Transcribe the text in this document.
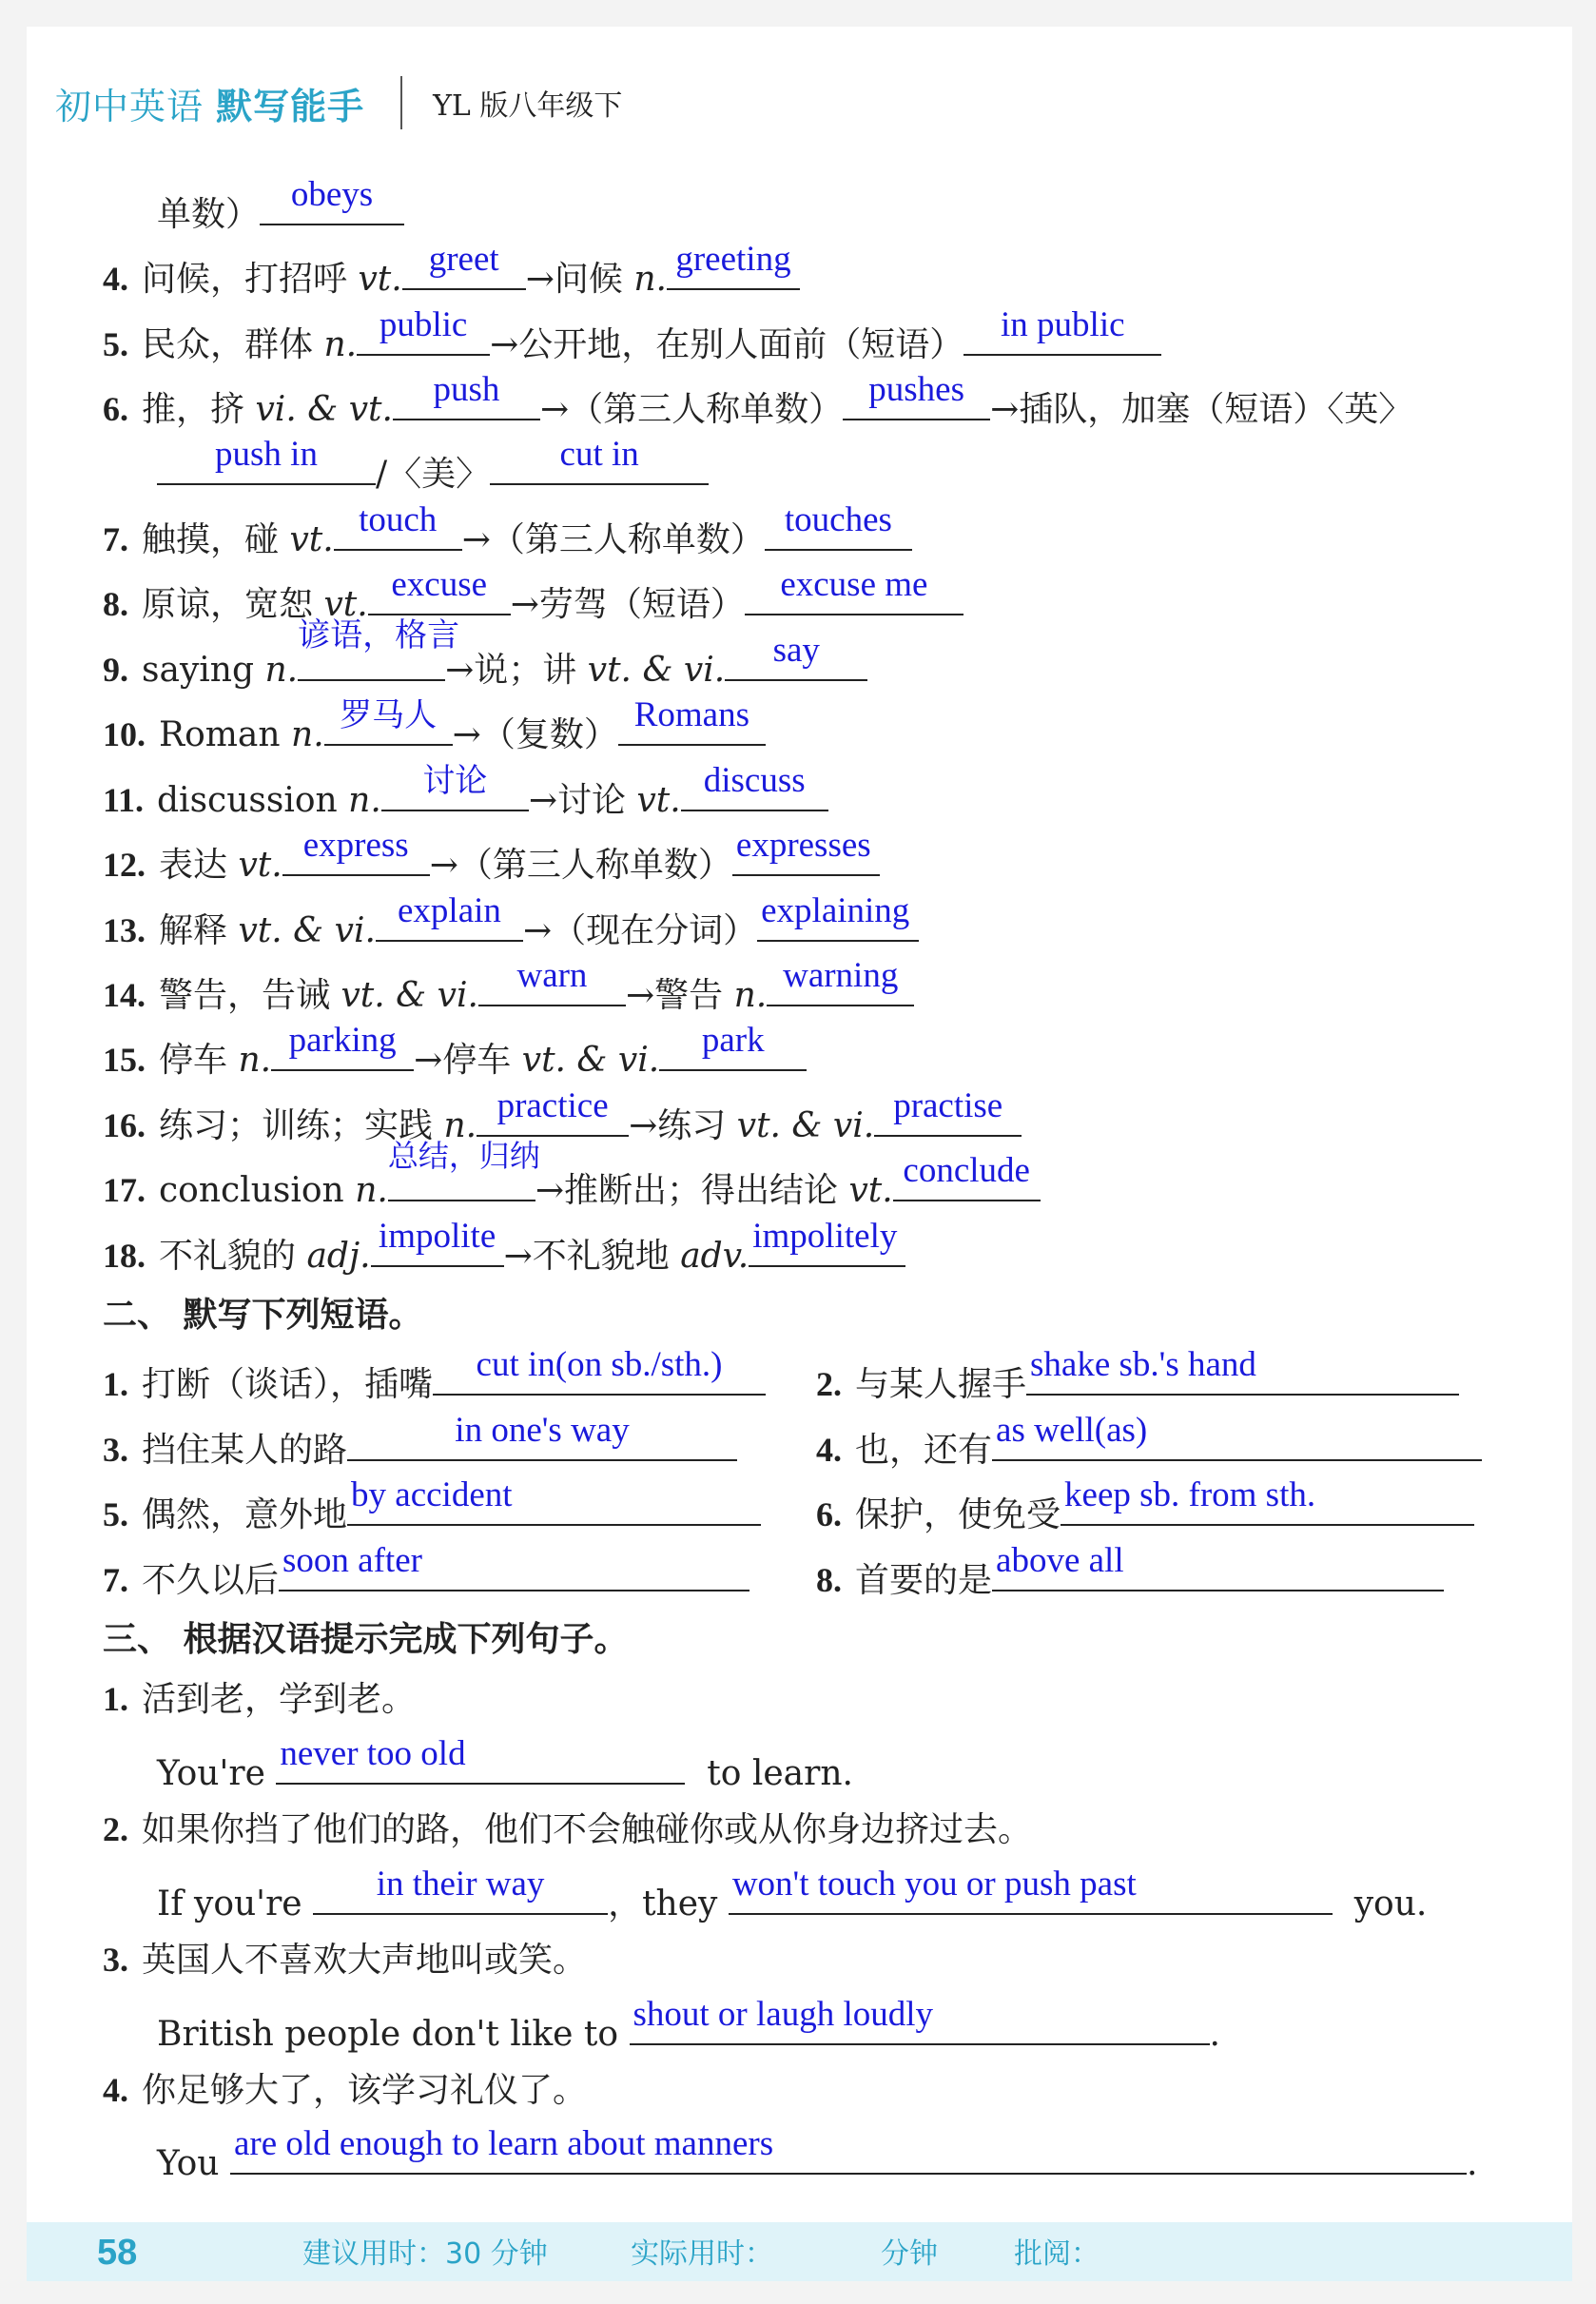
初中英语 默写能手 YL 版八年级下
单数）
obeys
4. 问候，打招呼 vt.
greet
→问候 n.
greeting
5. 民众，群体 n.
public
→公开地，在别人面前（短语）
in public
6. 推，挤 vi. & vt.
push
→（第三人称单数）
pushes
→插队，加塞（短语）〈英〉
push in
/〈美〉
cut in
7. 触摸，碰 vt.
touch
→（第三人称单数）
touches
8. 原谅，宽恕 vt.
excuse
→劳驾（短语）
excuse me
9. saying n.
谚语，格言
→说；讲 vt. & vi.
say
10. Roman n. 罗马人 →（复数）
Romans
11. discussion n.	讨论	→讨论 vt.
discuss
12. 表达 vt.
express
→（第三人称单数）
expresses
13. 解释 vt. & vi.
explain
→（现在分词）
explaining
14. 警告，告诫 vt. & vi.
warn
→警告 n.
warning
15. 停车 n.
parking
→停车 vt. & vi.
park
16. 练习；训练；实践 n.
practice
→练习 vt. & vi.
practise
17. conclusion n.
总结，归纳
→推断出；得出结论 vt.
conclude
18. 不礼貌的 adj.
impolite
→不礼貌地 adv.
impolitely
二、 默写下列短语。
1. 打断（谈话），插嘴
cut in(on sb./sth.)	2. 与某人握手
shake sb.'s hand
3. 挡住某人的路
in one's way	4. 也，还有
as well(as)
5. 偶然，意外地
by accident	6. 保护，使免受
keep sb. from sth.
7. 不久以后
soon after	8. 首要的是
above all
三、 根据汉语提示完成下列句子。
1. 活到老，学到老。
You're
never too old
to learn.
2. 如果你挡了他们的路，他们不会触碰你或从你身边挤过去。
If you're
in their way
，they
won't touch you or push past
you.
3. 英国人不喜欢大声地叫或笑。
British people don't like to
shout or laugh loudly
.
4. 你足够大了，该学习礼仪了。
You
are old enough to learn about manners
.
58	建议用时：30 分钟	实际用时：	分钟	批阅：
